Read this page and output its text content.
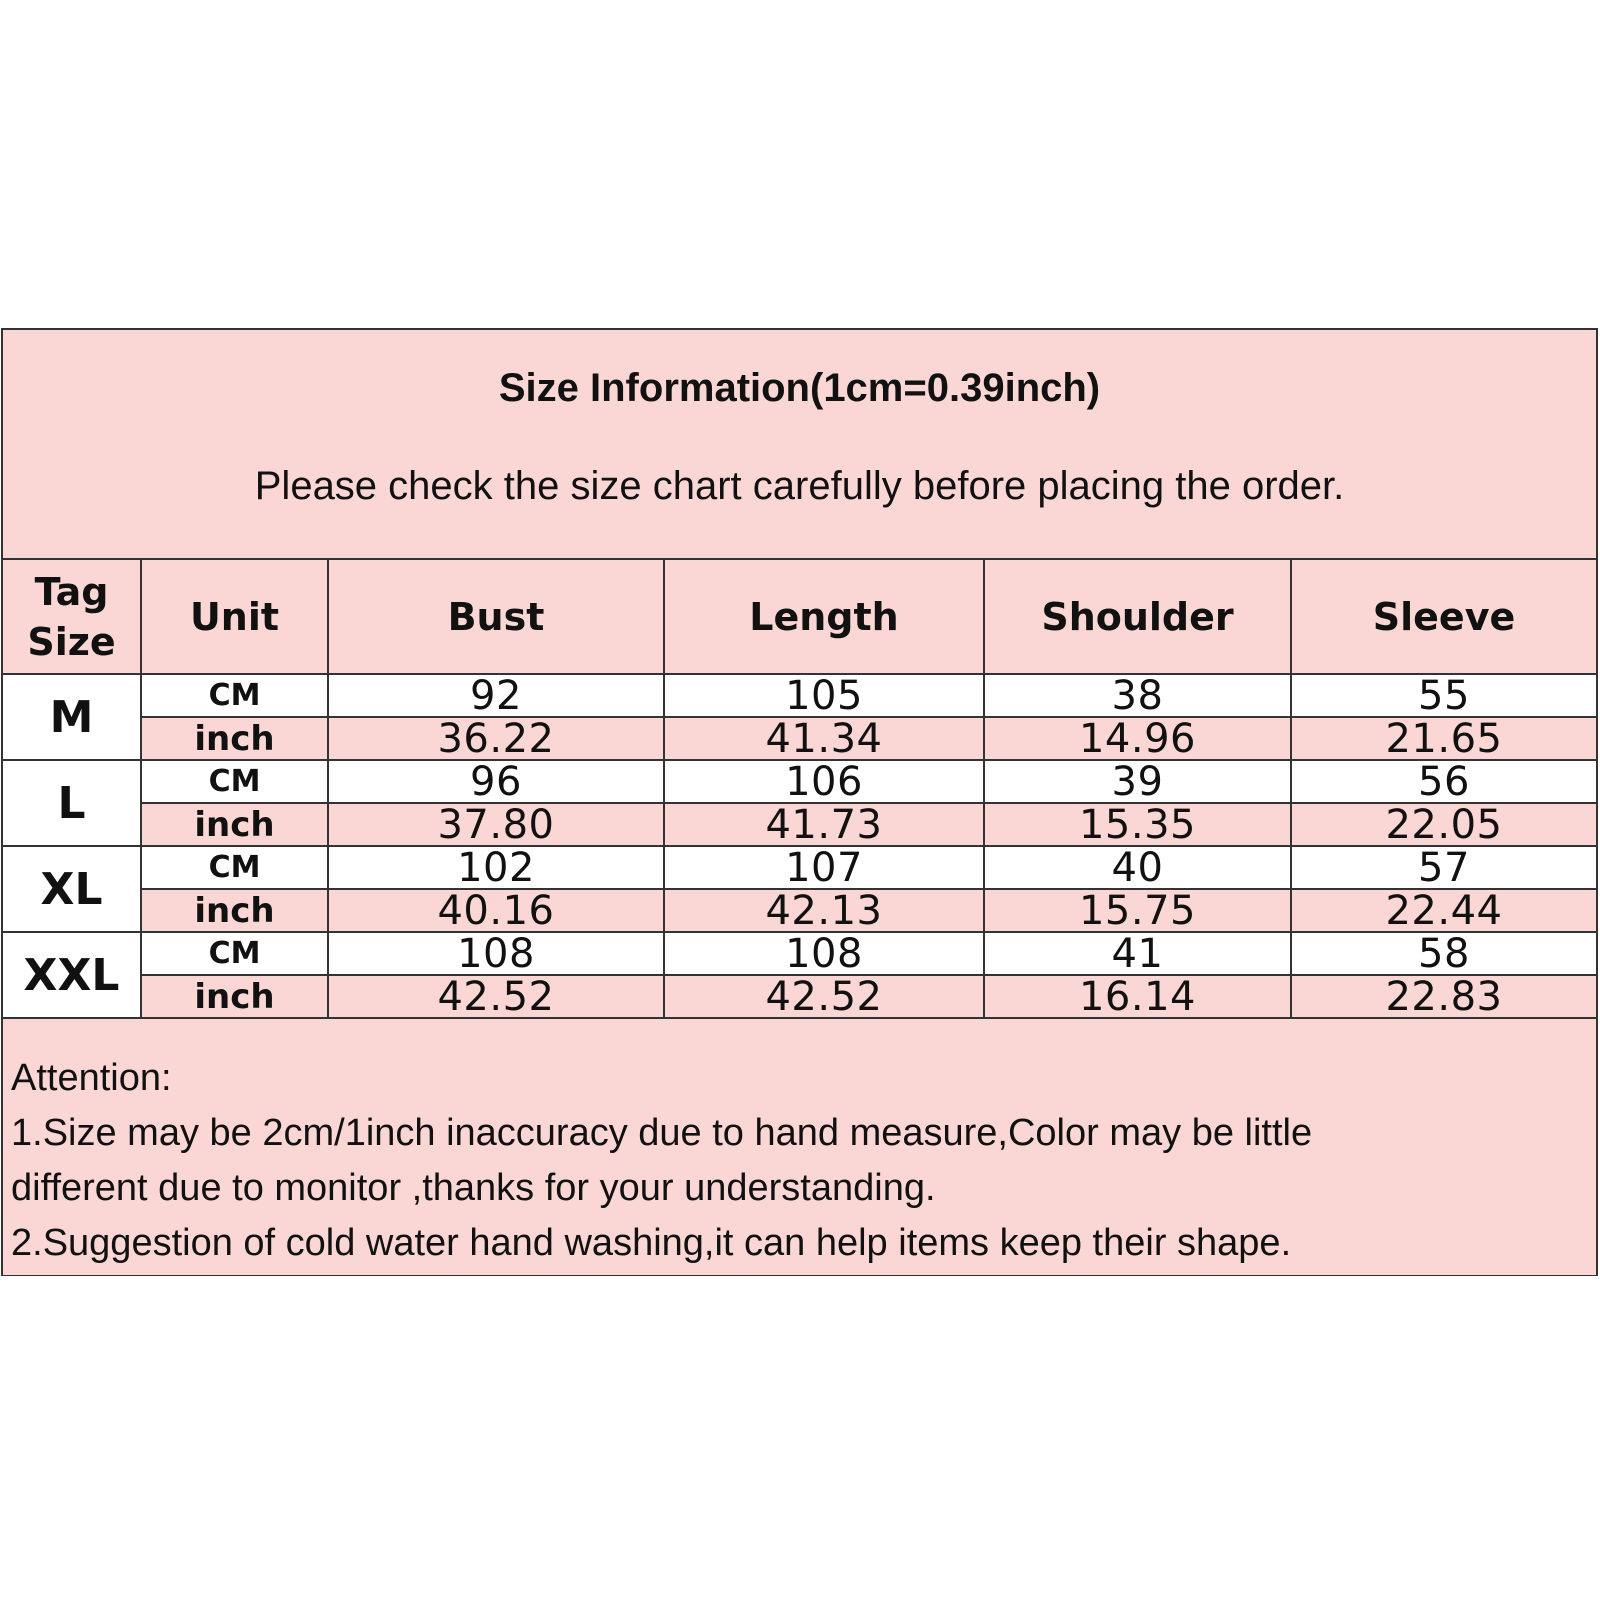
Size Information(1cm=0.39inch)
Please check the size chart carefully before placing the order.
Tag
Size	Unit	Bust	Length	Shoulder	Sleeve
M	CM	92	105	38	55
	inch	36.22	41.34	14.96	21.65
L	CM	96	106	39	56
	inch	37.80	41.73	15.35	22.05
XL	CM	102	107	40	57
	inch	40.16	42.13	15.75	22.44
XXL	CM	108	108	41	58
	inch	42.52	42.52	16.14	22.83
Attention:
1.Size may be 2cm/1inch inaccuracy due to hand measure,Color may be little
different due to monitor ,thanks for your understanding.
2.Suggestion of cold water hand washing,it can help items keep their shape.
